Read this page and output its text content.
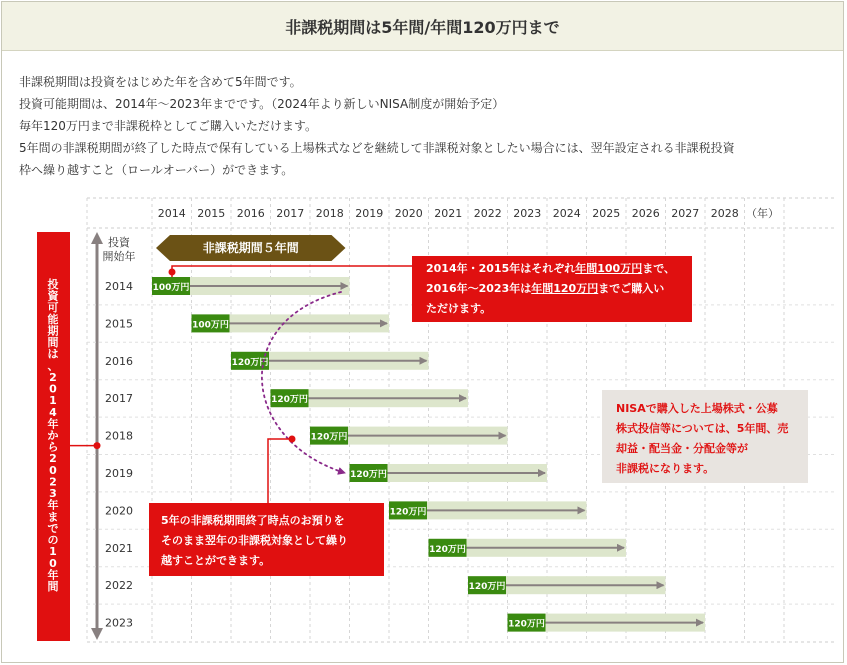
非課税期間は5年間/年間120万円まで

非課税期間は投資をはじめた年を含めて5年間です。

投資可能期間は、2014年〜2023年までです。（2024年より新しいNISA制度が開始予定）

毎年120万円まで非課税枠としてご購入いただけます。

5年間の非課税期間が終了した時点で保有している上場株式などを継続して非課税対象としたい場合には、翌年設定される非課税投資

枠へ繰り越すこと（ロールオーバー）ができます。

2014 2015 2016 2017 2018 2019 2020 2021 2022 2023 2024 2025 2026 2027 2028 （年）
投資
開始年
非課税期間５年間
投
資
可
能
期
間
は
、
2
0
1
4
年
か
ら
2
0
2
3
年
ま
で
の
1
0
年
間
2014 100万円
2015	100万円
2016	120万円
2017	120万円
2018	120万円
2019	120万円
2020	120万円
2021	120万円
2022	120万円
2023	120万円
2014年・2015年はそれぞれ年間100万円まで、
2016年〜2023年は年間120万円までご購入い
ただけます。
5年の非課税期間終了時点のお預りを
そのまま翌年の非課税対象として繰り
越すことができます。
NISAで購入した上場株式・公募
株式投信等については、5年間、売
却益・配当金・分配金等が
非課税になります。
